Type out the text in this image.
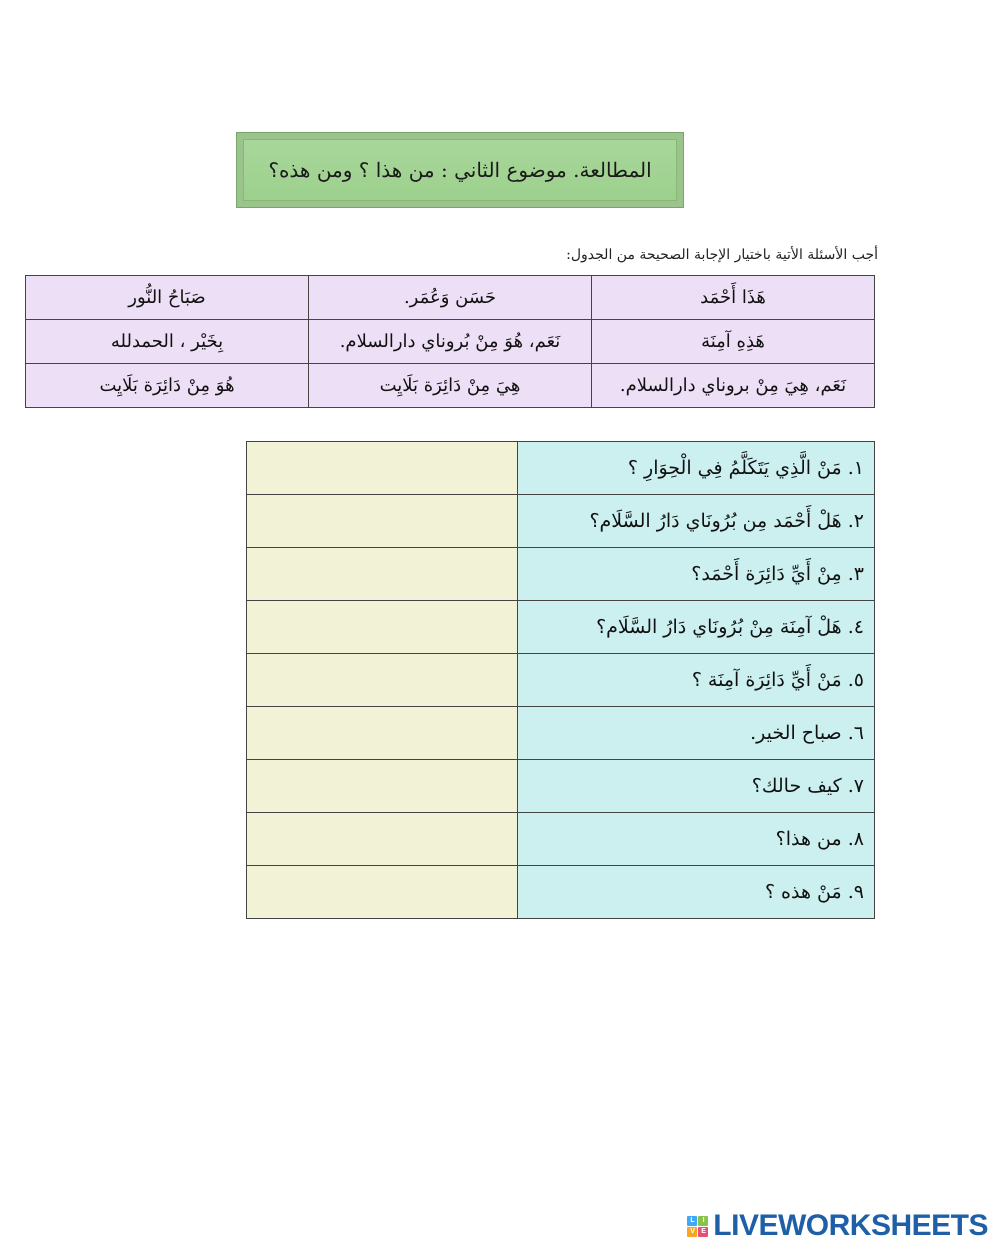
المطالعة. موضوع الثاني : من هذا ؟ ومن هذه؟
أجب الأسئلة الأتية باختيار الإجابة الصحيحة من الجدول:
هَذَا أَحْمَد	حَسَن وَعُمَر.	صَبَاحُ النُّور
هَذِهِ آمِنَة	نَعَم، هُوَ مِنْ بُروناي دارالسلام.	بِخَيْر ، الحمدلله
نَعَم، هِيَ مِنْ بروناي دارالسلام.	هِيَ مِنْ دَائِرَة بَلَايِت	هُوَ مِنْ دَائِرَة بَلَايِت
١. مَنْ الَّذِي يَتَكَلَّمُ فِي الْحِوَارِ ؟	
٢. هَلْ أَحْمَد مِن بُرُونَاي دَارُ السَّلَام؟	
٣. مِنْ أَيِّ دَائِرَة أَحْمَد؟	
٤. هَلْ آمِنَة مِنْ بُرُونَاي دَارُ السَّلَام؟	
٥. مَنْ أَيِّ دَائِرَة آمِنَة ؟	
٦. صباح الخير.	
٧. كيف حالك؟	
٨. من هذا؟	
٩. مَنْ هذه ؟	
L	I
V E LIVEWORKSHEETS
